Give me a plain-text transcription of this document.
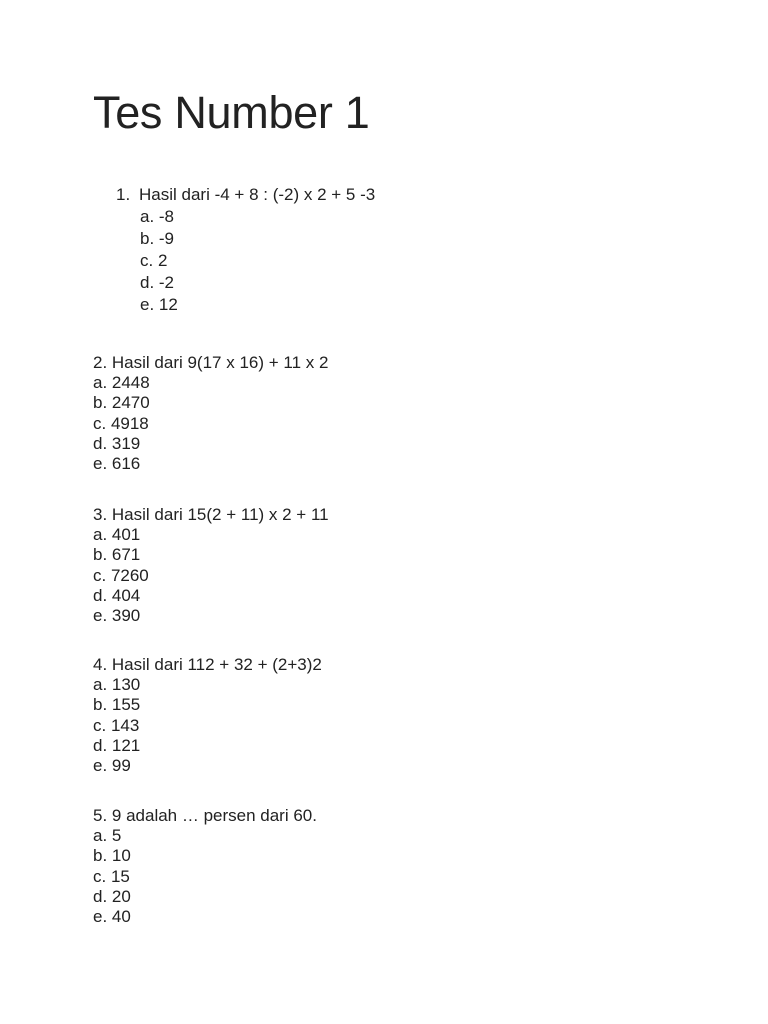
Tes Number 1
1. Hasil dari -4 + 8 : (-2) x 2 + 5 -3
a. -8
b. -9
c. 2
d. -2
e. 12
2. Hasil dari 9(17 x 16) + 11 x 2
a. 2448
b. 2470
c. 4918
d. 319
e. 616
3. Hasil dari 15(2 + 11) x 2 + 11
a. 401
b. 671
c. 7260
d. 404
e. 390
4. Hasil dari 112 + 32 + (2+3)2
a. 130
b. 155
c. 143
d. 121
e. 99
5. 9 adalah … persen dari 60.
a. 5
b. 10
c. 15
d. 20
e. 40
